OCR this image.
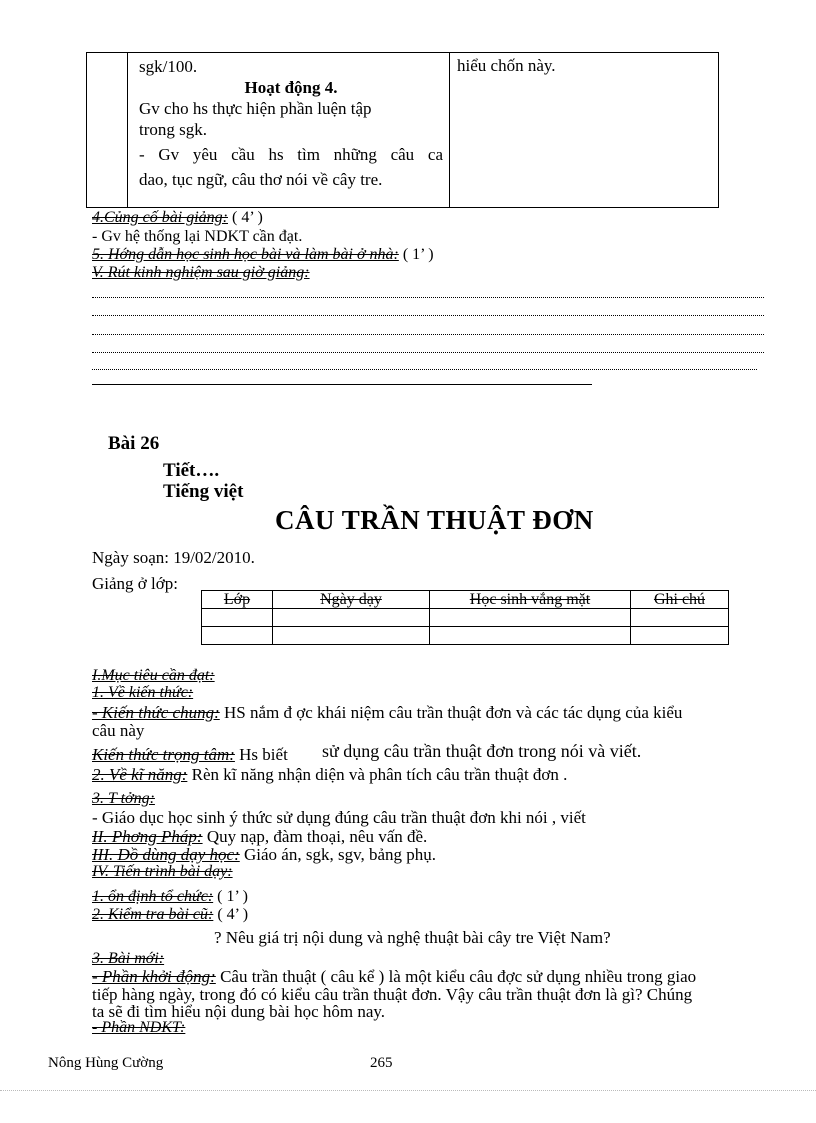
sgk/100.
Hoạt động 4.
Gv cho hs thực hiện phần luện tập
trong sgk.
- Gv yêu cầu hs tìm những câu ca
dao, tục ngữ, câu thơ nói về cây tre.

hiểu chốn này.
4.Củng cố bài giảng: ( 4’ )
- Gv hệ thống lại NDKT cần đạt.
5. Hớng dẫn học sinh học bài và làm bài ở nhà: ( 1’ )
V. Rút kinh nghiệm sau giờ giảng:
Bài 26
Tiết….
Tiếng việt
CÂU TRẦN THUẬT ĐƠN
Ngày soạn: 19/02/2010.
Giảng ở lớp:
Lớp	Ngày dạy	Học sinh vắng mặt	Ghi chú

I.Mục tiêu cần đạt:
1. Về kiến thức:
- Kiến thức chung: HS nắm đ ợc khái niệm câu trần thuật đơn và các tác dụng của kiểu
câu này
Kiến thức trọng tâm: Hs biết sử dụng câu trần thuật đơn trong nói và viết.
2. Về kĩ năng: Rèn kĩ năng nhận diện và phân tích câu trần thuật đơn .
3. T tởng:
- Giáo dục học sinh ý thức sử dụng đúng câu trần thuật đơn khi nói , viết
II. Phơng Pháp: Quy nạp, đàm thoại, nêu vấn đề.
III. Đồ dùng dạy học: Giáo án, sgk, sgv, bảng phụ.
IV. Tiến trình bài dạy:
1. ổn định tổ chức: ( 1’ )
2. Kiểm tra bài cũ: ( 4’ )
? Nêu giá trị nội dung và nghệ thuật bài cây tre Việt Nam?
3. Bài mới:
- Phần khởi động: Câu trần thuật ( câu kể ) là một kiểu câu đợc sử dụng nhiều trong giao
tiếp hàng ngày, trong đó có kiểu câu trần thuật đơn. Vậy câu trần thuật đơn là gì? Chúng
ta sẽ đi tìm hiểu nội dung bài học hôm nay.
- Phần NDKT:
Nông Hùng Cường	265
